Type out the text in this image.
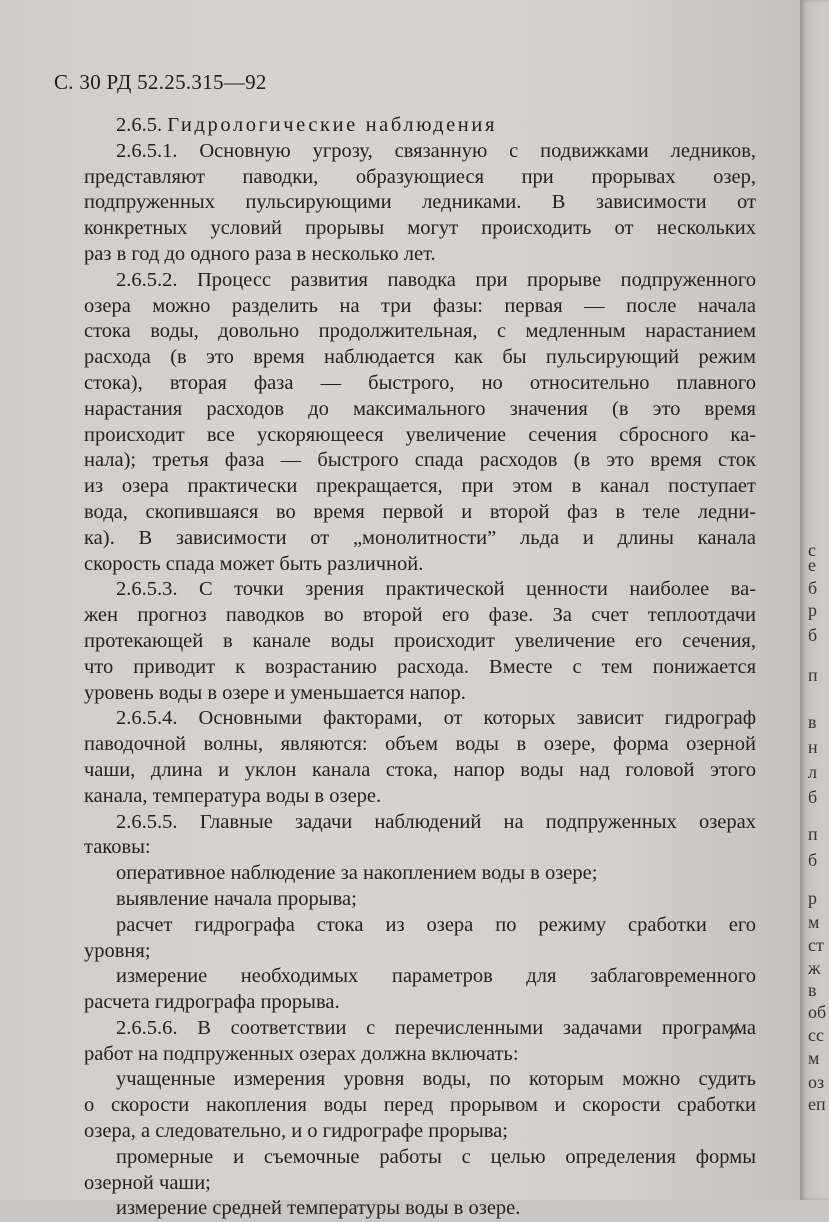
С. 30 РД 52.25.315—92
2.6.5. Гидрологические наблюдения
2.6.5.1. Основную угрозу, связанную с подвижками ледников,
представляют паводки, образующиеся при прорывах озер,
подпруженных пульсирующими ледниками. В зависимости от
конкретных условий прорывы могут происходить от нескольких
раз в год до одного раза в несколько лет.
2.6.5.2. Процесс развития паводка при прорыве подпруженного
озера можно разделить на три фазы: первая — после начала
стока воды, довольно продолжительная, с медленным нарастанием
расхода (в это время наблюдается как бы пульсирующий режим
стока), вторая фаза — быстрого, но относительно плавного
нарастания расходов до максимального значения (в это время
происходит все ускоряющееся увеличение сечения сбросного ка-
нала); третья фаза — быстрого спада расходов (в это время сток
из озера практически прекращается, при этом в канал поступает
вода, скопившаяся во время первой и второй фаз в теле ледни-
ка). В зависимости от „монолитности” льда и длины канала
скорость спада может быть различной.
2.6.5.3. С точки зрения практической ценности наиболее ва-
жен прогноз паводков во второй его фазе. За счет теплоотдачи
протекающей в канале воды происходит увеличение его сечения,
что приводит к возрастанию расхода. Вместе с тем понижается
уровень воды в озере и уменьшается напор.
2.6.5.4. Основными факторами, от которых зависит гидрограф
паводочной волны, являются: объем воды в озере, форма озерной
чаши, длина и уклон канала стока, напор воды над головой этого
канала, температура воды в озере.
2.6.5.5. Главные задачи наблюдений на подпруженных озерах
таковы:
оперативное наблюдение за накоплением воды в озере;
выявление начала прорыва;
расчет гидрографа стока из озера по режиму сработки его
уровня;
измерение необходимых параметров для заблаговременного
расчета гидрографа прорыва.
2.6.5.6. В соответствии с перечисленными задачами программа
работ на подпруженных озерах должна включать:
учащенные измерения уровня воды, по которым можно судить
о скорости накопления воды перед прорывом и скорости сработки
озера, а следовательно, и о гидрографе прорыва;
промерные и съемочные работы с целью определения формы
озерной чаши;
измерение средней температуры воды в озере.
с
е
б
р
б
п
в
н
л
б
п
б
р
м
ст
ж
в
об
сс
м
оз
еп
